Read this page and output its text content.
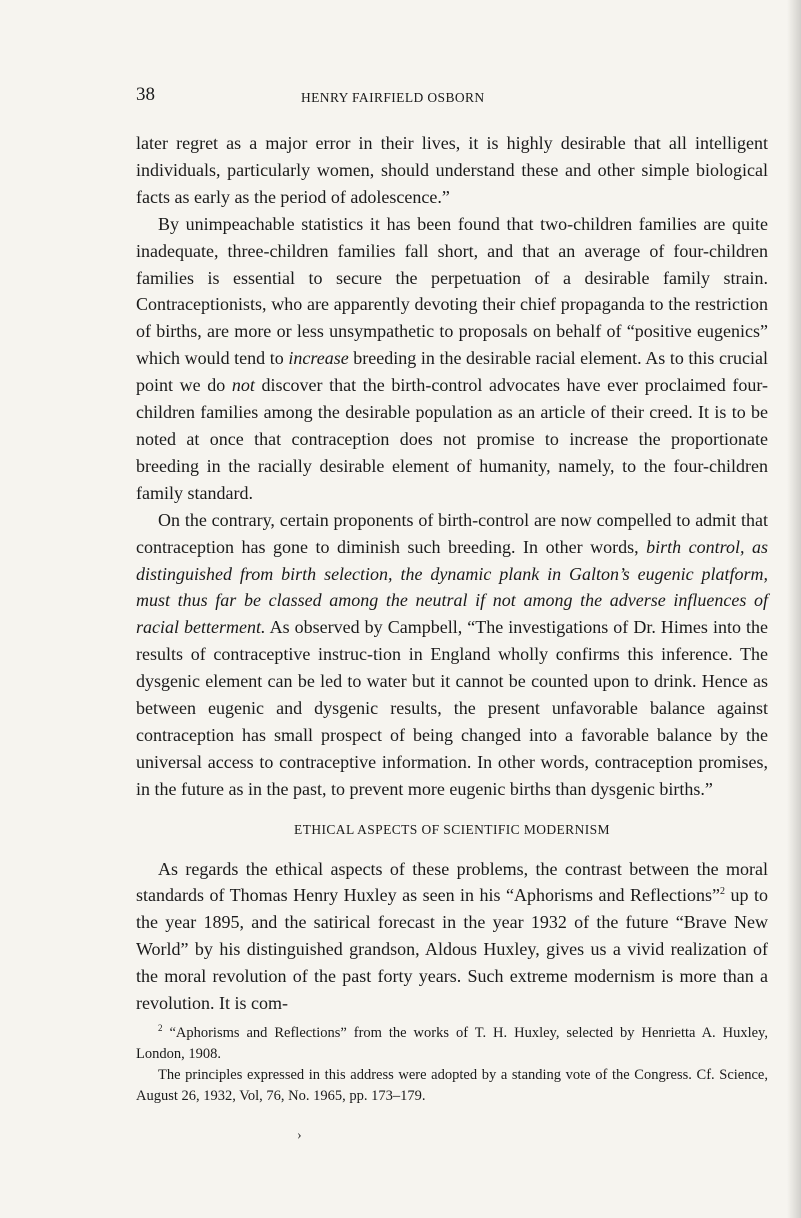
38	HENRY FAIRFIELD OSBORN

later regret as a major error in their lives, it is highly desirable that all intelligent individuals, particularly women, should understand these and other simple biological facts as early as the period of adolescence.”

By unimpeachable statistics it has been found that two-children families are quite inadequate, three-children families fall short, and that an average of four-children families is essential to secure the perpetuation of a desirable family strain. Contraceptionists, who are apparently devoting their chief propaganda to the restriction of births, are more or less unsympathetic to proposals on behalf of “positive eugenics” which would tend to increase breeding in the desirable racial element. As to this crucial point we do not discover that the birth-control advocates have ever proclaimed four-children families among the desirable population as an article of their creed. It is to be noted at once that contraception does not promise to increase the proportionate breeding in the racially desirable element of humanity, namely, to the four-children family standard.

On the contrary, certain proponents of birth-control are now compelled to admit that contraception has gone to diminish such breeding. In other words, birth control, as distinguished from birth selection, the dynamic plank in Galton’s eugenic platform, must thus far be classed among the neutral if not among the adverse influences of racial betterment. As observed by Campbell, “The investigations of Dr. Himes into the results of contraceptive instruc-tion in England wholly confirms this inference. The dysgenic element can be led to water but it cannot be counted upon to drink. Hence as between eugenic and dysgenic results, the present unfavorable balance against contraception has small prospect of being changed into a favorable balance by the universal access to contraceptive information. In other words, contraception promises, in the future as in the past, to prevent more eugenic births than dysgenic births.”

ETHICAL ASPECTS OF SCIENTIFIC MODERNISM

As regards the ethical aspects of these problems, the contrast between the moral standards of Thomas Henry Huxley as seen in his “Aphorisms and Reflections”$^2$ up to the year 1895, and the satirical forecast in the year 1932 of the future “Brave New World” by his distinguished grandson, Aldous Huxley, gives us a vivid realization of the moral revolution of the past forty years. Such extreme modernism is more than a revolution. It is com-

$^2$ “Aphorisms and Reflections” from the works of T. H. Huxley, selected by Henrietta A. Huxley, London, 1908.

The principles expressed in this address were adopted by a standing vote of the Congress. Cf. Science, August 26, 1932, Vol, 76, No. 1965, pp. 173–179.

›
